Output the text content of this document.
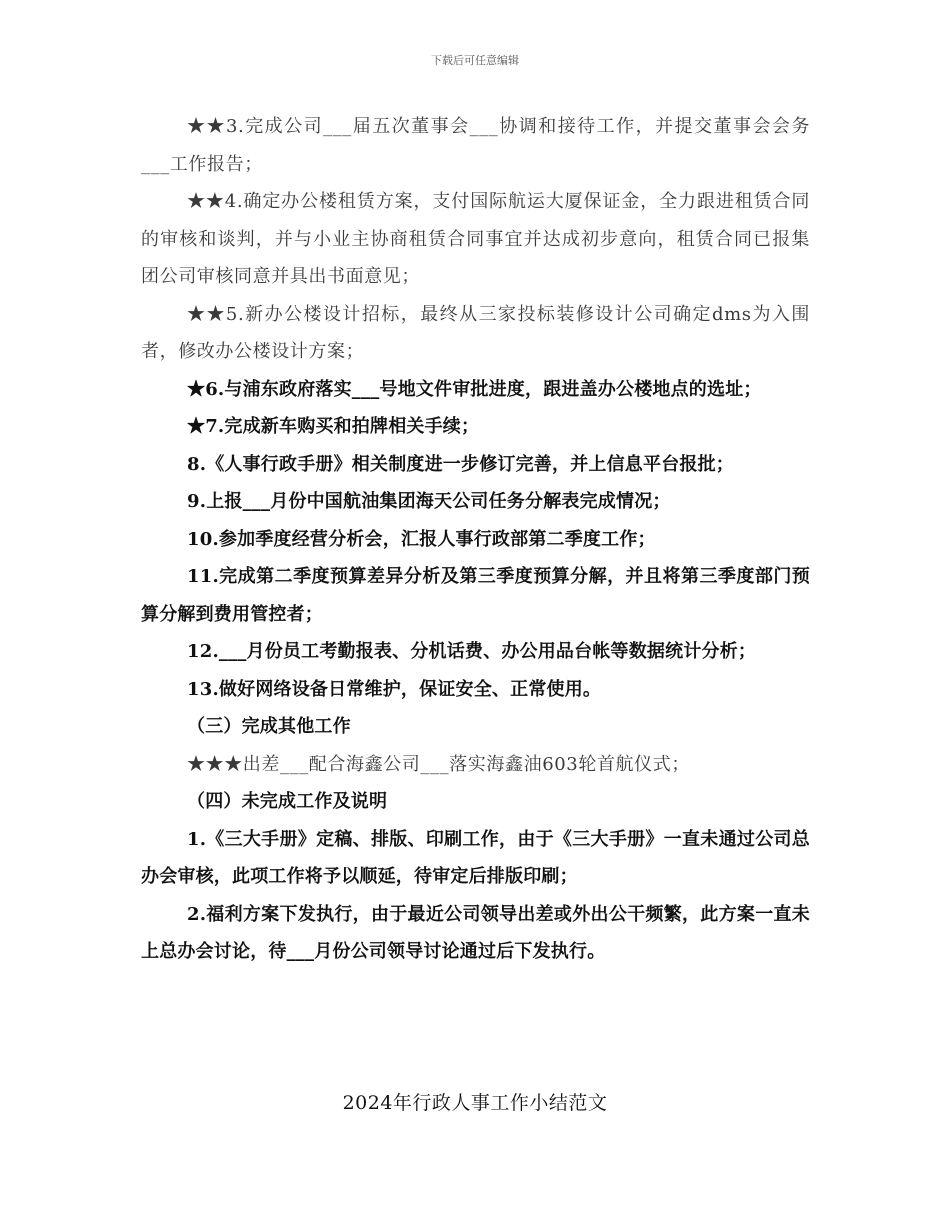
下载后可任意编辑

★★3.完成公司___届五次董事会___协调和接待工作，并提交董事会会务___工作报告；

★★4.确定办公楼租赁方案，支付国际航运大厦保证金，全力跟进租赁合同的审核和谈判，并与小业主协商租赁合同事宜并达成初步意向，租赁合同已报集团公司审核同意并具出书面意见；

★★5.新办公楼设计招标，最终从三家投标装修设计公司确定dms为入围者，修改办公楼设计方案；

★6.与浦东政府落实___号地文件审批进度，跟进盖办公楼地点的选址；

★7.完成新车购买和拍牌相关手续；

8.《人事行政手册》相关制度进一步修订完善，并上信息平台报批；

9.上报___月份中国航油集团海天公司任务分解表完成情况；

10.参加季度经营分析会，汇报人事行政部第二季度工作；

11.完成第二季度预算差异分析及第三季度预算分解，并且将第三季度部门预算分解到费用管控者；

12.___月份员工考勤报表、分机话费、办公用品台帐等数据统计分析；

13.做好网络设备日常维护，保证安全、正常使用。

（三）完成其他工作

★★★出差___配合海鑫公司___落实海鑫油603轮首航仪式；

（四）未完成工作及说明

1.《三大手册》定稿、排版、印刷工作，由于《三大手册》一直未通过公司总办会审核，此项工作将予以顺延，待审定后排版印刷；

2.福利方案下发执行，由于最近公司领导出差或外出公干频繁，此方案一直未上总办会讨论，待___月份公司领导讨论通过后下发执行。

2024年行政人事工作小结范文
